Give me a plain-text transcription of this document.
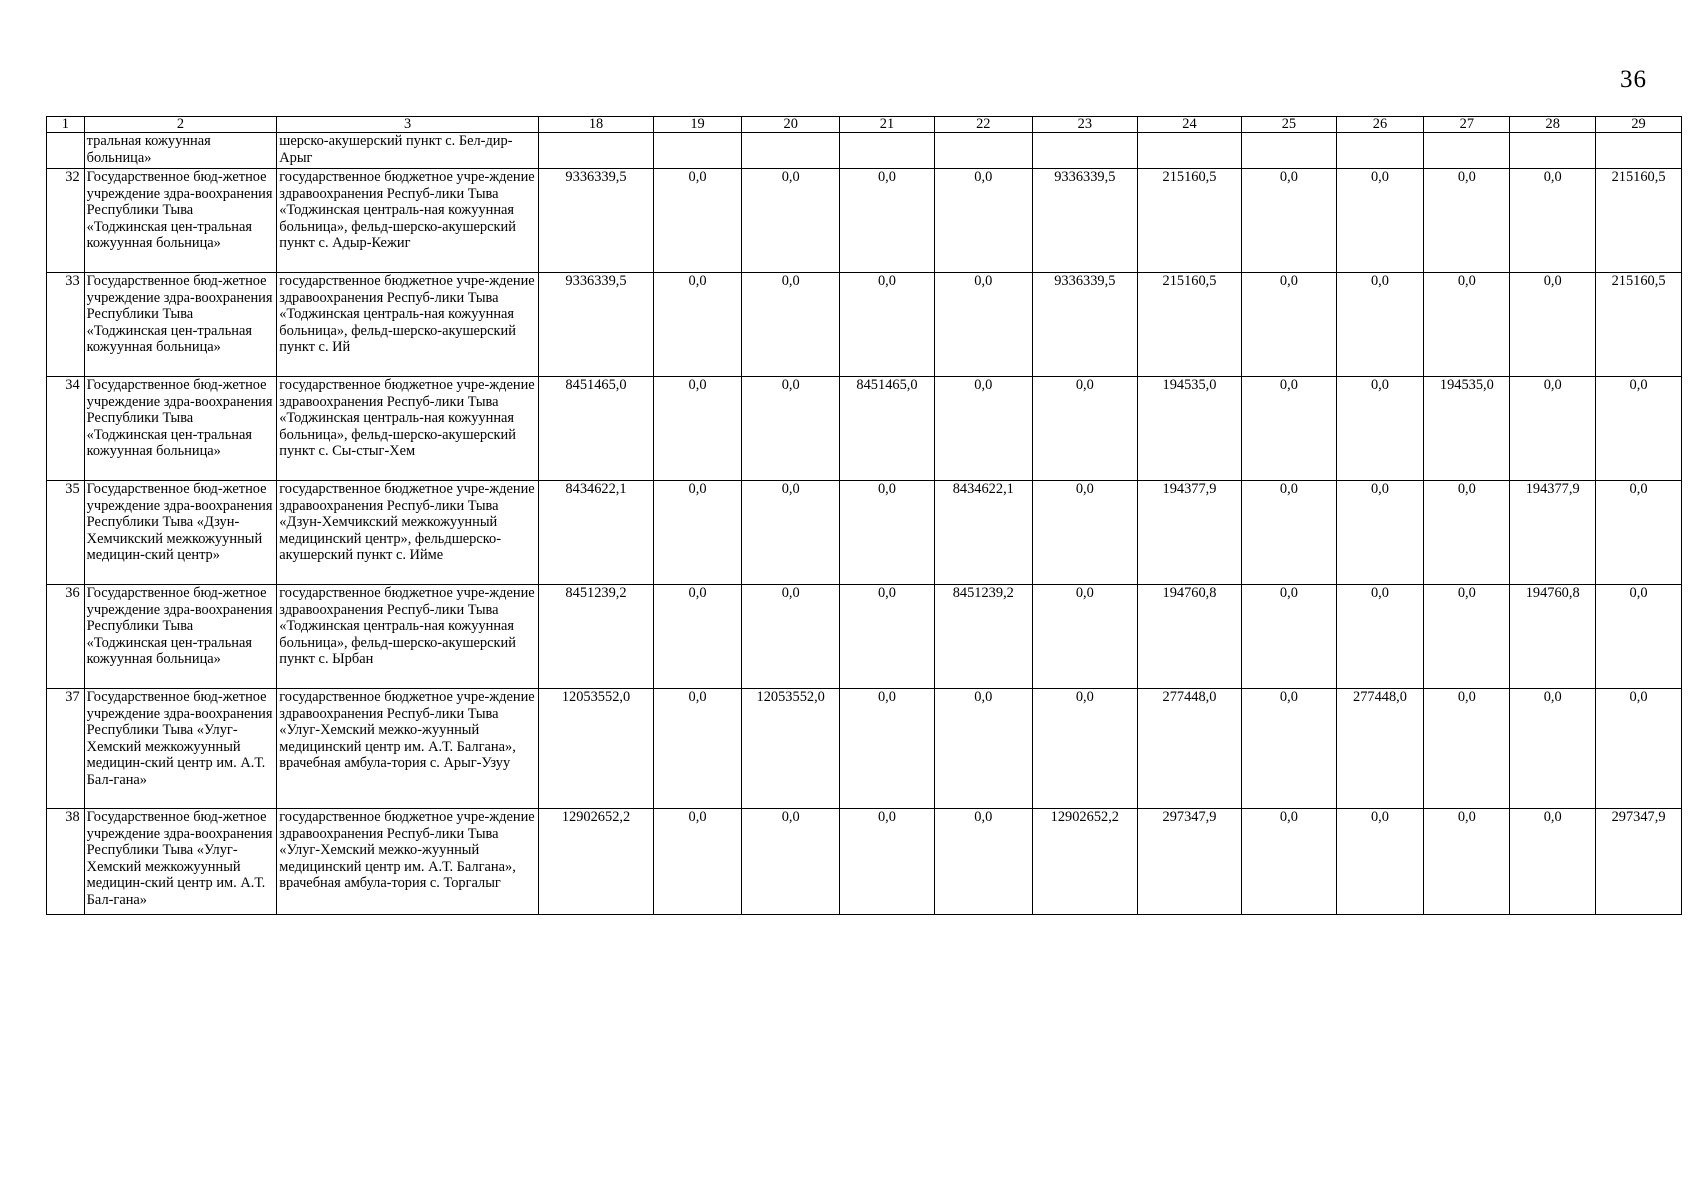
36
1	2	3	18	19	20	21	22	23	24	25	26	27	28	29
	тральная кожуунная больница»	шерско-акушерский пункт с. Бел-дир-Арыг												
32	Государственное бюд-жетное учреждение здра-воохранения Республики Тыва «Тоджинская цен-тральная кожуунная больница»	государственное бюджетное учре-ждение здравоохранения Респуб-лики Тыва «Тоджинская централь-ная кожуунная больница», фельд-шерско-акушерский пункт с. Адыр-Кежиг	9336339,5	0,0	0,0	0,0	0,0	9336339,5	215160,5	0,0	0,0	0,0	0,0	215160,5
33	Государственное бюд-жетное учреждение здра-воохранения Республики Тыва «Тоджинская цен-тральная кожуунная больница»	государственное бюджетное учре-ждение здравоохранения Респуб-лики Тыва «Тоджинская централь-ная кожуунная больница», фельд-шерско-акушерский пункт с. Ий	9336339,5	0,0	0,0	0,0	0,0	9336339,5	215160,5	0,0	0,0	0,0	0,0	215160,5
34	Государственное бюд-жетное учреждение здра-воохранения Республики Тыва «Тоджинская цен-тральная кожуунная больница»	государственное бюджетное учре-ждение здравоохранения Респуб-лики Тыва «Тоджинская централь-ная кожуунная больница», фельд-шерско-акушерский пункт с. Сы-стыг-Хем	8451465,0	0,0	0,0	8451465,0	0,0	0,0	194535,0	0,0	0,0	194535,0	0,0	0,0
35	Государственное бюд-жетное учреждение здра-воохранения Республики Тыва «Дзун-Хемчикский межкожуунный медицин-ский центр»	государственное бюджетное учре-ждение здравоохранения Респуб-лики Тыва «Дзун-Хемчикский межкожуунный медицинский центр», фельдшерско-акушерский пункт с. Ийме	8434622,1	0,0	0,0	0,0	8434622,1	0,0	194377,9	0,0	0,0	0,0	194377,9	0,0
36	Государственное бюд-жетное учреждение здра-воохранения Республики Тыва «Тоджинская цен-тральная кожуунная больница»	государственное бюджетное учре-ждение здравоохранения Респуб-лики Тыва «Тоджинская централь-ная кожуунная больница», фельд-шерско-акушерский пункт с. Ырбан	8451239,2	0,0	0,0	0,0	8451239,2	0,0	194760,8	0,0	0,0	0,0	194760,8	0,0
37	Государственное бюд-жетное учреждение здра-воохранения Республики Тыва «Улуг-Хемский межкожуунный медицин-ский центр им. А.Т. Бал-гана»	государственное бюджетное учре-ждение здравоохранения Респуб-лики Тыва «Улуг-Хемский межко-жуунный медицинский центр им. А.Т. Балгана», врачебная амбула-тория с. Арыг-Узуу	12053552,0	0,0	12053552,0	0,0	0,0	0,0	277448,0	0,0	277448,0	0,0	0,0	0,0
38	Государственное бюд-жетное учреждение здра-воохранения Республики Тыва «Улуг-Хемский межкожуунный медицин-ский центр им. А.Т. Бал-гана»	государственное бюджетное учре-ждение здравоохранения Респуб-лики Тыва «Улуг-Хемский межко-жуунный медицинский центр им. А.Т. Балгана», врачебная амбула-тория с. Торгалыг	12902652,2	0,0	0,0	0,0	0,0	12902652,2	297347,9	0,0	0,0	0,0	0,0	297347,9
